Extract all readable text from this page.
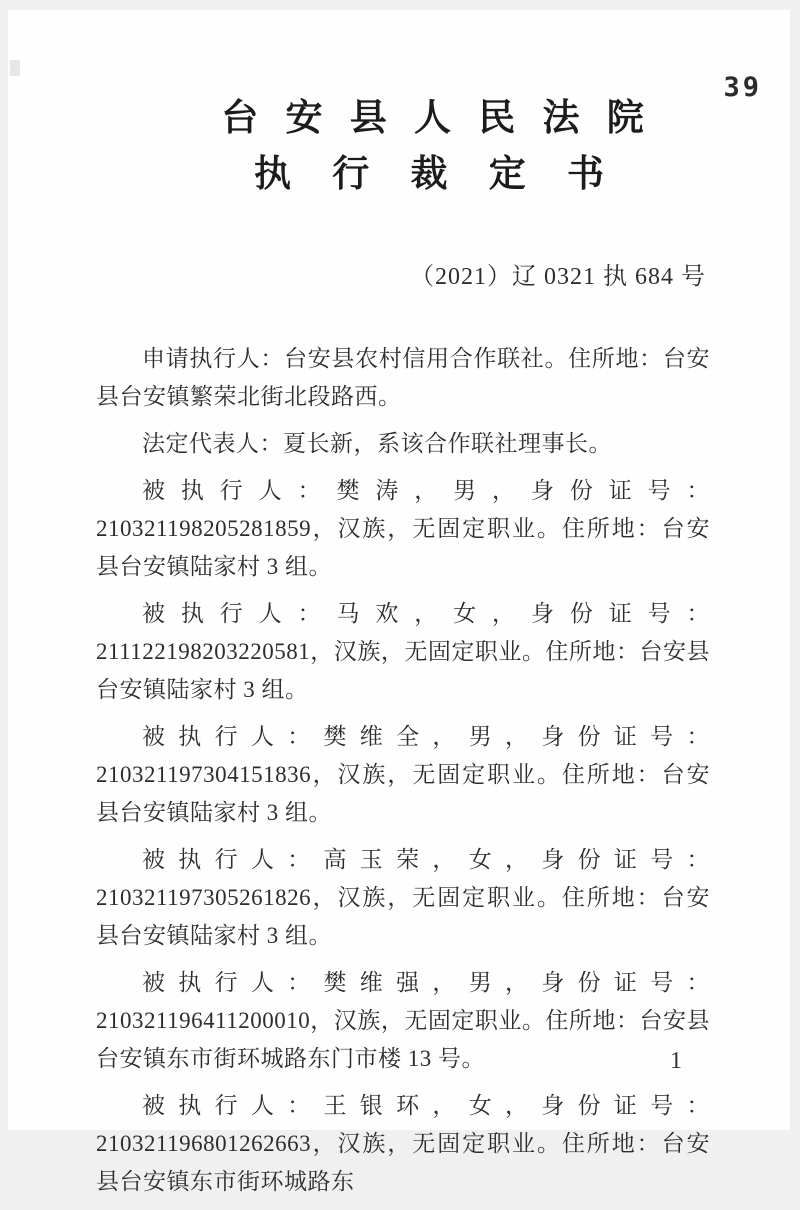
39
台 安 县 人 民 法 院
执 行 裁 定 书
（2021）辽 0321 执 684 号

申请执行人：台安县农村信用合作联社。住所地：台安县台安镇繁荣北街北段路西。

法定代表人：夏长新，系该合作联社理事长。

被执行人：樊涛，男，身份证号：210321198205281859，汉族，无固定职业。住所地：台安县台安镇陆家村 3 组。

被执行人：马欢，女，身份证号：211122198203220581，汉族，无固定职业。住所地：台安县台安镇陆家村 3 组。

被执行人：樊维全，男，身份证号：210321197304151836，汉族，无固定职业。住所地：台安县台安镇陆家村 3 组。

被执行人：高玉荣，女，身份证号：210321197305261826，汉族，无固定职业。住所地：台安县台安镇陆家村 3 组。

被执行人：樊维强，男，身份证号：210321196411200010，汉族，无固定职业。住所地：台安县台安镇东市街环城路东门市楼 13 号。

被执行人：王银环，女，身份证号：210321196801262663，汉族，无固定职业。住所地：台安县台安镇东市街环城路东

1
